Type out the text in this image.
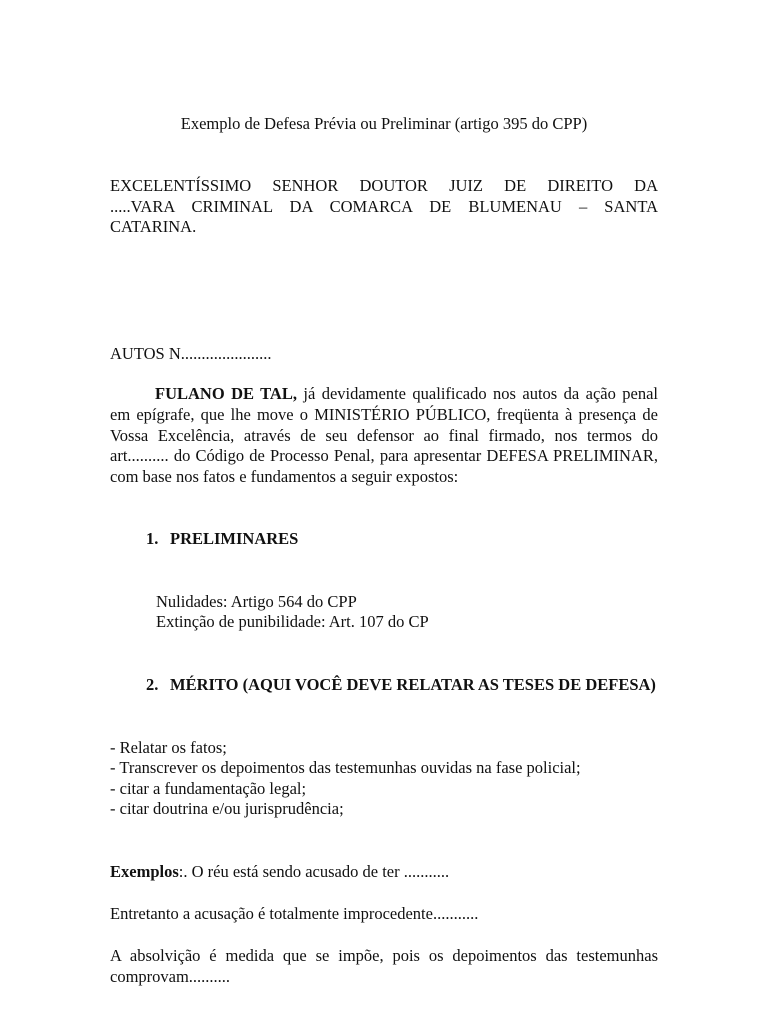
Exemplo de Defesa Prévia ou Preliminar (artigo 395 do CPP)
EXCELENTÍSSIMO SENHOR DOUTOR JUIZ DE DIREITO DA
.....VARA CRIMINAL DA COMARCA DE BLUMENAU – SANTA
CATARINA.
AUTOS N......................
FULANO DE TAL, já devidamente qualificado nos autos da ação penal em epígrafe, que lhe move o MINISTÉRIO PÚBLICO, freqüenta à presença de Vossa Excelência, através de seu defensor ao final firmado, nos termos do art.......... do Código de Processo Penal, para apresentar DEFESA PRELIMINAR, com base nos fatos e fundamentos a seguir expostos:
1. PRELIMINARES
Nulidades: Artigo 564 do CPP
Extinção de punibilidade: Art. 107 do CP
2. MÉRITO (AQUI VOCÊ DEVE RELATAR AS TESES DE DEFESA)
- Relatar os fatos;
- Transcrever os depoimentos das testemunhas ouvidas na fase policial;
- citar a fundamentação legal;
- citar doutrina e/ou jurisprudência;
Exemplos:. O réu está sendo acusado de ter ...........
Entretanto a acusação é totalmente improcedente...........
A absolvição é medida que se impõe, pois os depoimentos das testemunhas comprovam..........
